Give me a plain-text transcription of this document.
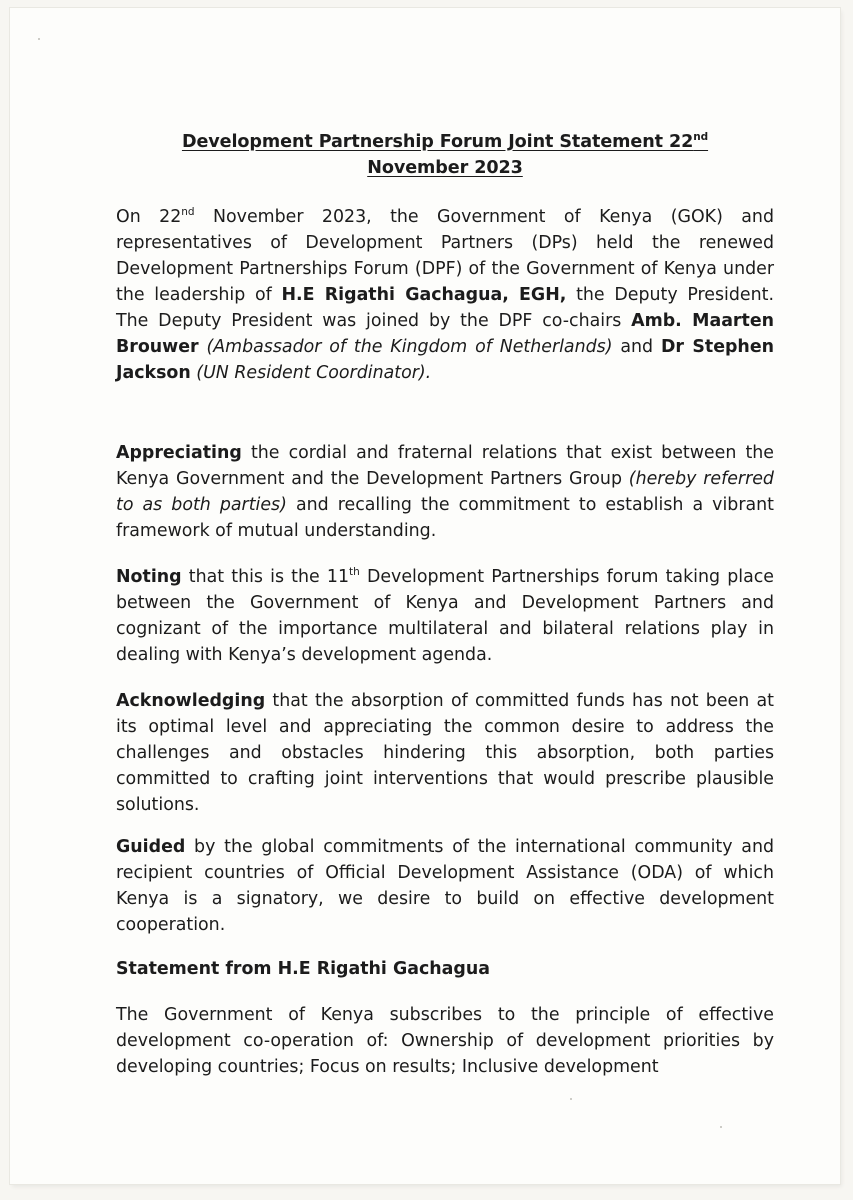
Development Partnership Forum Joint Statement 22nd
November 2023

On 22nd November 2023, the Government of Kenya (GOK) and representatives of Development Partners (DPs) held the renewed Development Partnerships Forum (DPF) of the Government of Kenya under the leadership of H.E Rigathi Gachagua, EGH, the Deputy President. The Deputy President was joined by the DPF co-chairs Amb. Maarten Brouwer (Ambassador of the Kingdom of Netherlands) and Dr Stephen Jackson (UN Resident Coordinator).

Appreciating the cordial and fraternal relations that exist between the Kenya Government and the Development Partners Group (hereby referred to as both parties) and recalling the commitment to establish a vibrant framework of mutual understanding.

Noting that this is the 11th Development Partnerships forum taking place between the Government of Kenya and Development Partners and cognizant of the importance multilateral and bilateral relations play in dealing with Kenya’s development agenda.

Acknowledging that the absorption of committed funds has not been at its optimal level and appreciating the common desire to address the challenges and obstacles hindering this absorption, both parties committed to crafting joint interventions that would prescribe plausible solutions.

Guided by the global commitments of the international community and recipient countries of Official Development Assistance (ODA) of which Kenya is a signatory, we desire to build on effective development cooperation.

Statement from H.E Rigathi Gachagua

The Government of Kenya subscribes to the principle of effective development co-operation of: Ownership of development priorities by developing countries; Focus on results; Inclusive development
